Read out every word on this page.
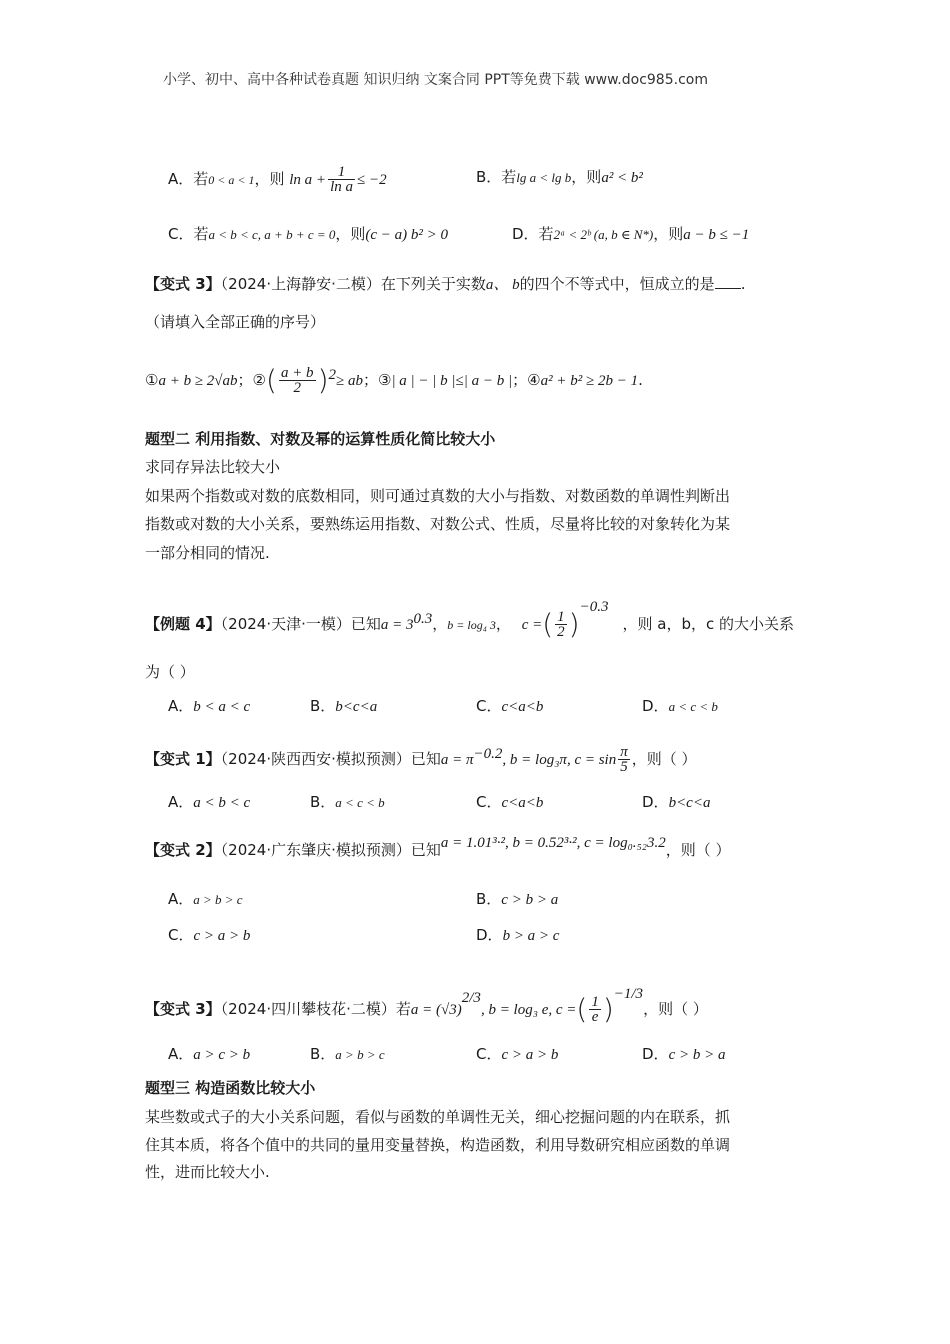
小学、初中、高中各种试卷真题 知识归纳 文案合同 PPT等免费下载 www.doc985.com
A．若0 < a < 1，则 $\ln a + \frac{1}{\text{ln a}} \le -2$	B．若lg a < lg b，则a² < b²
C．若a < b < c, a + b + c = 0，则(c − a) b² > 0	D．若2ᵃ < 2ᵇ (a, b ∈ N*)，则a − b ≤ −1
【变式 3】（2024·上海静安·二模）在下列关于实数a、 b的四个不等式中，恒成立的是 .
（请填入全部正确的序号）
①a + b ≥ 2√ab；②( $\frac{a + b}{2} )^2\ge$ ab；③| a | − | b |≤| a − b |；④a² + b² ≥ 2b − 1.
题型二 利用指数、对数及幂的运算性质化简比较大小
求同存异法比较大小
如果两个指数或对数的底数相同，则可通过真数的大小与指数、对数函数的单调性判断出
指数或对数的大小关系，要熟练运用指数、对数公式、性质，尽量将比较的对象转化为某
一部分相同的情况.
【例题 4】（2024·天津·一模）已知$a = 3^{0.3}$，b = log₄ 3， c =( $\frac{1}{2} )^{-0.3}$，则 a，b，c 的大小关系
为（ ）
A．b < a < c	B．b<c<a	C．c<a<b	D．a < c < b
【变式 1】（2024·陕西西安·模拟预测）已知$a = \pi^{-0.2}$, b = log₃π, $c = \sin \frac{\pi}{5}$ ，则（ ）
A．a < b < c	B．a < c < b	C．c<a<b	D．b<c<a
【变式 2】（2024·广东肇庆·模拟预测）已知a = 1.01³·², b = 0.52³·², c = log₀.₅₂3.2，则（ ）
A．a > b > c	B．c > b > a
C．c > a > b	D．b > a > c
【变式 3】（2024·四川攀枝花·二模）若$a = (√3)^{2/3}$, b = log₃ e, c =( $\frac{1}{e} )^{-1/3}$，则（ ）
A．a > c > b	B．a > b > c	C．c > a > b	D．c > b > a
题型三 构造函数比较大小
某些数或式子的大小关系问题，看似与函数的单调性无关，细心挖掘问题的内在联系，抓
住其本质，将各个值中的共同的量用变量替换，构造函数，利用导数研究相应函数的单调
性，进而比较大小.
